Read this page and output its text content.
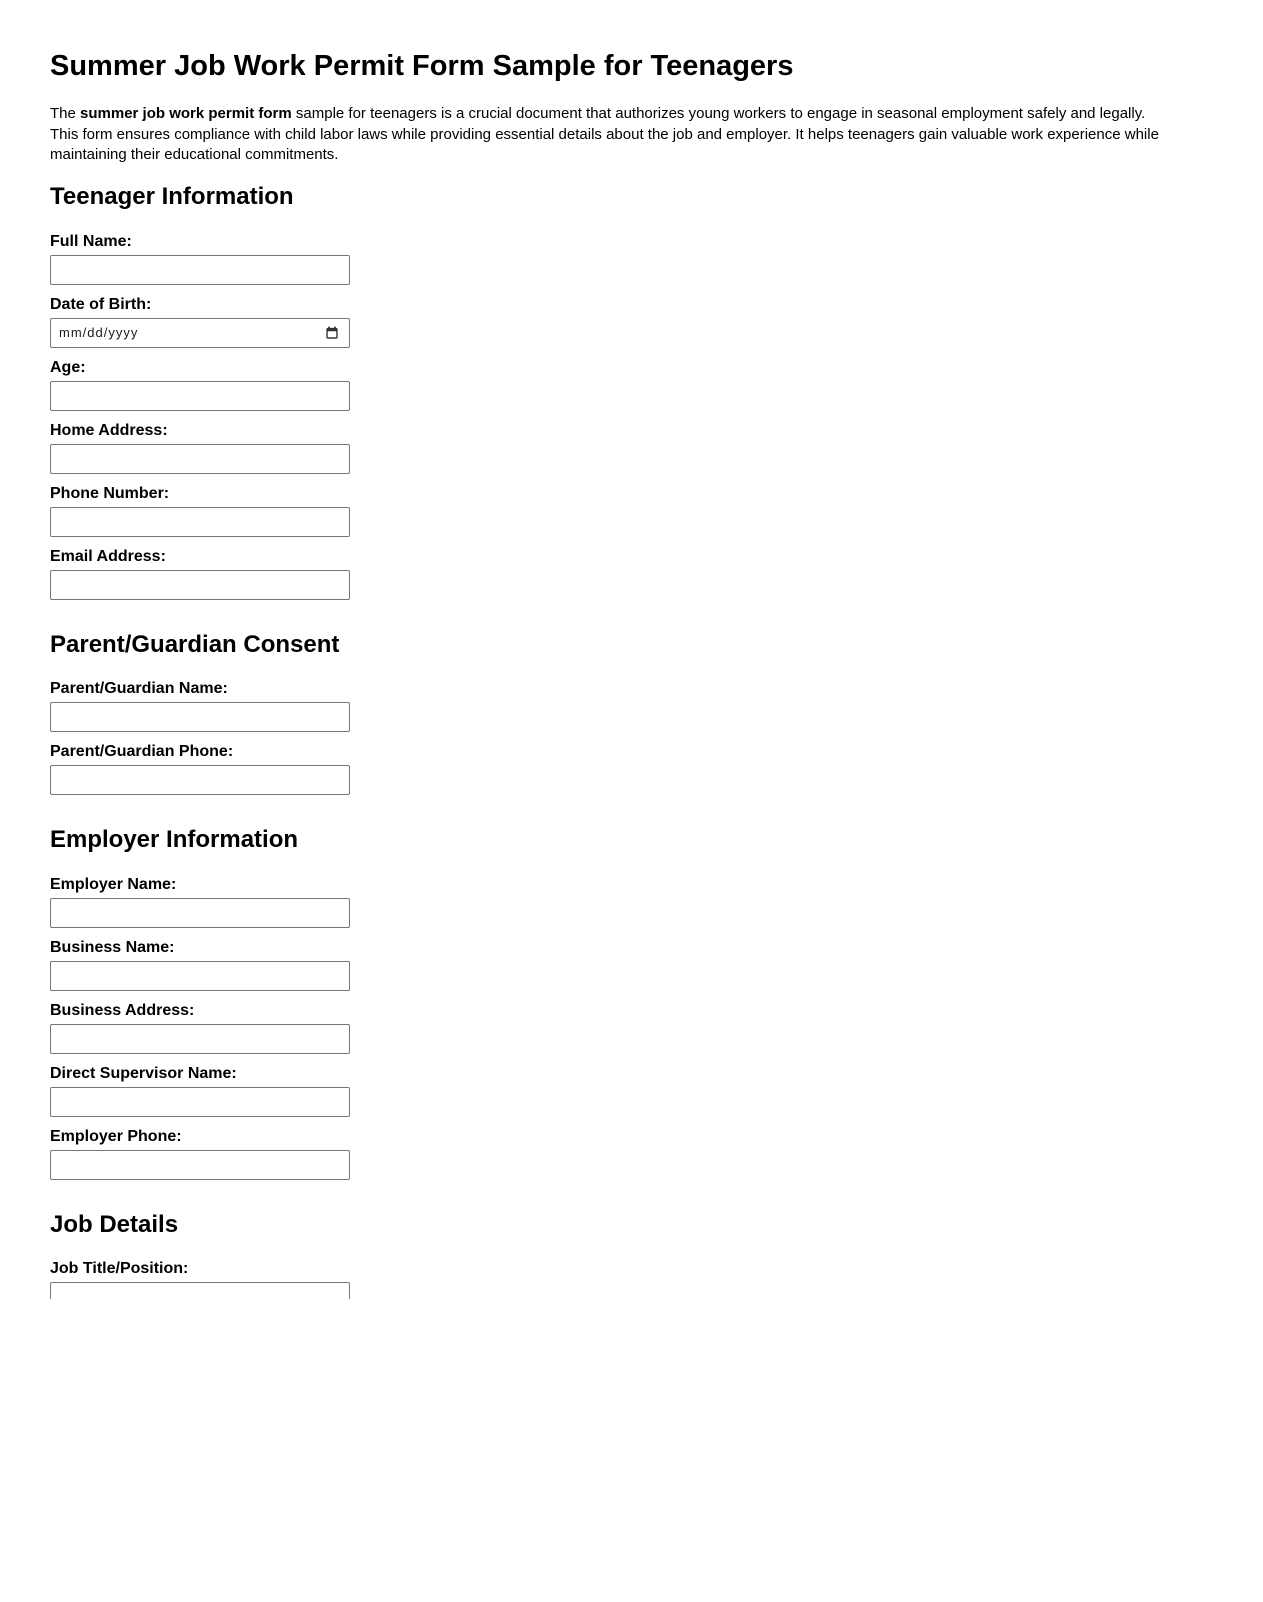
Summer Job Work Permit Form Sample for Teenagers

The summer job work permit form sample for teenagers is a crucial document that authorizes young workers to engage in seasonal employment safely and legally. This form ensures compliance with child labor laws while providing essential details about the job and employer. It helps teenagers gain valuable work experience while maintaining their educational commitments.

Teenager Information
Full Name:
Date of Birth:
mm/dd/yyyy
Age:
Home Address:
Phone Number:
Email Address:
Parent/Guardian Consent
Parent/Guardian Name:
Parent/Guardian Phone:
Employer Information
Employer Name:
Business Name:
Business Address:
Direct Supervisor Name:
Employer Phone:
Job Details
Job Title/Position:
